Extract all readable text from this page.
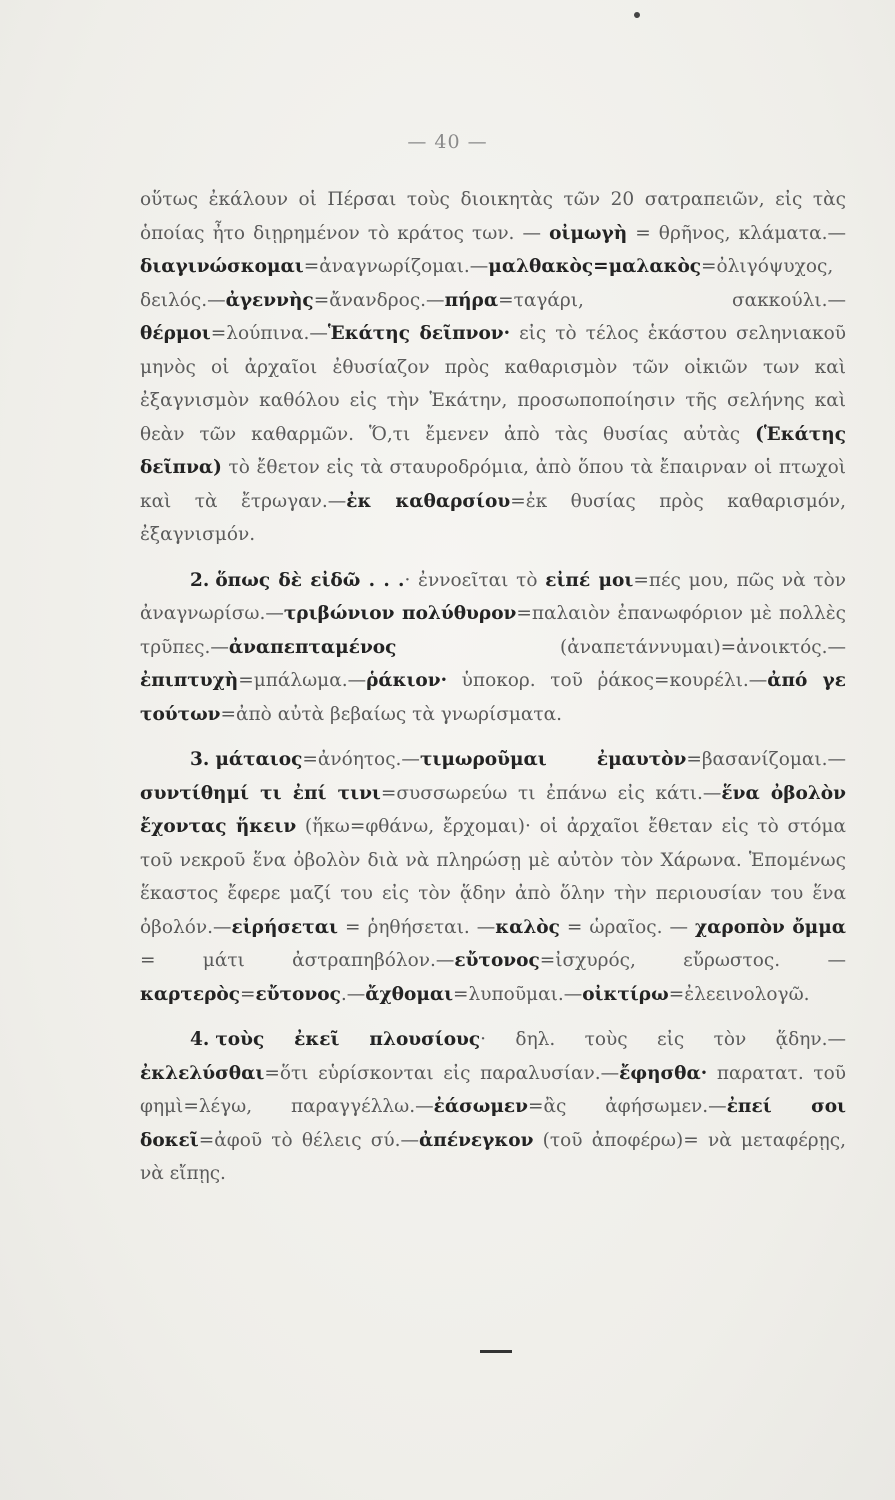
— 40 —

οὕτως ἐκάλουν οἱ Πέρσαι τοὺς διοικητὰς τῶν 20 σατραπειῶν, εἰς τὰς ὁποίας ἦτο διῃρημένον τὸ κράτος των. — οἰμωγὴ = θρῆνος, κλάματα.—διαγινώσκομαι=ἀναγνωρίζομαι.—μαλθακὸς=μαλακὸς=ὀλιγόψυχος, δειλός.—ἀγεννὴς=ἄνανδρος.—πήρα=ταγάρι, σακκούλι.—θέρμοι=λούπινα.—Ἑκάτης δεῖπνον· εἰς τὸ τέλος ἑκάστου σεληνιακοῦ μηνὸς οἱ ἀρχαῖοι ἐθυσίαζον πρὸς καθαρισμὸν τῶν οἰκιῶν των καὶ ἐξαγνισμὸν καθόλου εἰς τὴν Ἑκάτην, προσωποποίησιν τῆς σελήνης καὶ θεὰν τῶν καθαρμῶν. Ὅ,τι ἔμενεν ἀπὸ τὰς θυσίας αὐτὰς (Ἑκάτης δεῖπνα) τὸ ἔθετον εἰς τὰ σταυροδρόμια, ἀπὸ ὅπου τὰ ἔπαιρναν οἱ πτωχοὶ καὶ τὰ ἔτρωγαν.—ἐκ καθαρσίου=ἐκ θυσίας πρὸς καθαρισμόν, ἐξαγνισμόν.

2. ὅπως δὲ εἰδῶ . . .· ἐννοεῖται τὸ εἰπέ μοι=πές μου, πῶς νὰ τὸν ἀναγνωρίσω.—τριβώνιον πολύθυρον=παλαιὸν ἐπανωφόριον μὲ πολλὲς τρῦπες.—ἀναπεπταμένος (ἀναπετάννυμαι)=ἀνοικτός.—ἐπιπτυχὴ=μπάλωμα.—ῥάκιον· ὑποκορ. τοῦ ῥάκος=κουρέλι.—ἀπό γε τούτων=ἀπὸ αὐτὰ βεβαίως τὰ γνωρίσματα.

3. μάταιος=ἀνόητος.—τιμωροῦμαι ἐμαυτὸν=βασανίζομαι.—συντίθημί τι ἐπί τινι=συσσωρεύω τι ἐπάνω εἰς κάτι.—ἕνα ὀβολὸν ἔχοντας ἥκειν (ἥκω=φθάνω, ἔρχομαι)· οἱ ἀρχαῖοι ἔθεταν εἰς τὸ στόμα τοῦ νεκροῦ ἕνα ὀβολὸν διὰ νὰ πληρώσῃ μὲ αὐτὸν τὸν Χάρωνα. Ἑπομένως ἕκαστος ἔφερε μαζί του εἰς τὸν ᾅδην ἀπὸ ὅλην τὴν περιουσίαν του ἕνα ὀβολόν.—εἰρήσεται = ῥηθήσεται. —καλὸς = ὡραῖος. — χαροπὸν ὄμμα = μάτι ἀστραπηβόλον.—εὔτονος=ἰσχυρός, εὔρωστος. — καρτερὸς=εὔτονος.—ἄχθομαι=λυποῦμαι.—οἰκτίρω=ἐλεεινολογῶ.

4. τοὺς ἐκεῖ πλουσίους· δηλ. τοὺς εἰς τὸν ᾅδην.—ἐκλελύσθαι=ὅτι εὑρίσκονται εἰς παραλυσίαν.—ἔφησθα· παρατατ. τοῦ φημὶ=λέγω, παραγγέλλω.—ἐάσωμεν=ἂς ἀφήσωμεν.—ἐπεί σοι δοκεῖ=ἀφοῦ τὸ θέλεις σύ.—ἀπένεγκον (τοῦ ἀποφέρω)= νὰ μεταφέρῃς, νὰ εἴπῃς.
